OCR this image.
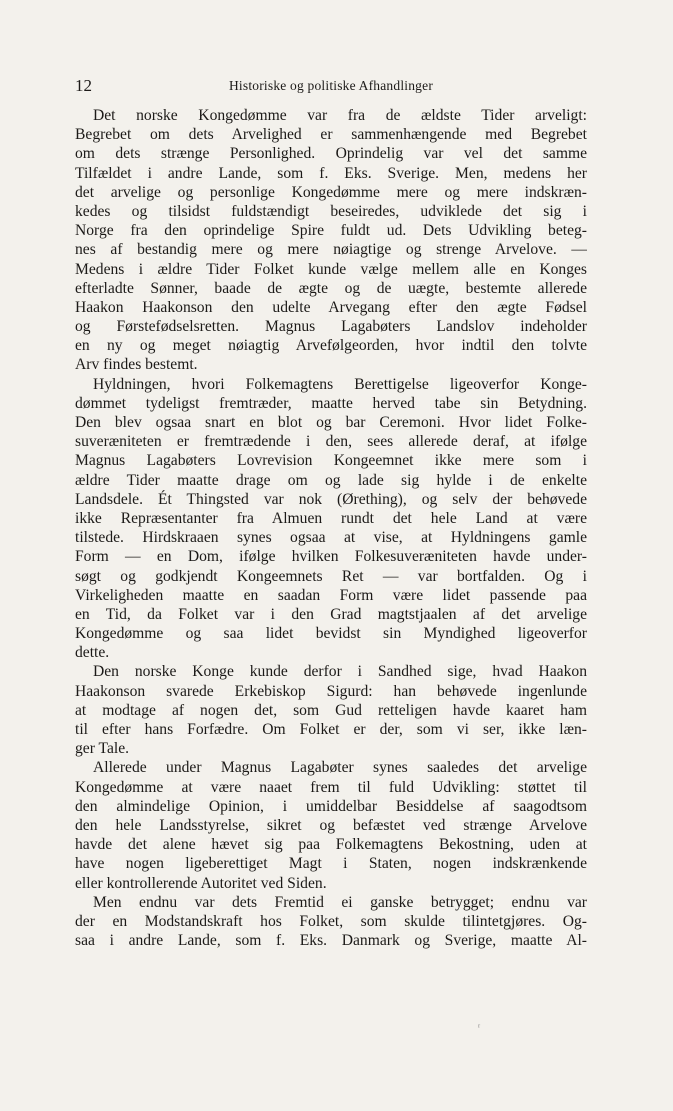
12	Historiske og politiske Afhandlinger
Det norske Kongedømme var fra de ældste Tider arveligt:
Begrebet om dets Arvelighed er sammenhængende med Begrebet
om dets strænge Personlighed. Oprindelig var vel det samme
Tilfældet i andre Lande, som f. Eks. Sverige. Men, medens her
det arvelige og personlige Kongedømme mere og mere indskræn-
kedes og tilsidst fuldstændigt beseiredes, udviklede det sig i
Norge fra den oprindelige Spire fuldt ud. Dets Udvikling beteg-
nes af bestandig mere og mere nøiagtige og strenge Arvelove. —
Medens i ældre Tider Folket kunde vælge mellem alle en Konges
efterladte Sønner, baade de ægte og de uægte, bestemte allerede
Haakon Haakonson den udelte Arvegang efter den ægte Fødsel
og Førstefødselsretten. Magnus Lagabøters Landslov indeholder
en ny og meget nøiagtig Arvefølgeorden, hvor indtil den tolvte
Arv findes bestemt.
Hyldningen, hvori Folkemagtens Berettigelse ligeoverfor Konge-
dømmet tydeligst fremtræder, maatte herved tabe sin Betydning.
Den blev ogsaa snart en blot og bar Ceremoni. Hvor lidet Folke-
suveræniteten er fremtrædende i den, sees allerede deraf, at ifølge
Magnus Lagabøters Lovrevision Kongeemnet ikke mere som i
ældre Tider maatte drage om og lade sig hylde i de enkelte
Landsdele. Ét Thingsted var nok (Ørething), og selv der behøvede
ikke Repræsentanter fra Almuen rundt det hele Land at være
tilstede. Hirdskraaen synes ogsaa at vise, at Hyldningens gamle
Form — en Dom, ifølge hvilken Folkesuveræniteten havde under-
søgt og godkjendt Kongeemnets Ret — var bortfalden. Og i
Virkeligheden maatte en saadan Form være lidet passende paa
en Tid, da Folket var i den Grad magtstjaalen af det arvelige
Kongedømme og saa lidet bevidst sin Myndighed ligeoverfor
dette.
Den norske Konge kunde derfor i Sandhed sige, hvad Haakon
Haakonson svarede Erkebiskop Sigurd: han behøvede ingenlunde
at modtage af nogen det, som Gud retteligen havde kaaret ham
til efter hans Forfædre. Om Folket er der, som vi ser, ikke læn-
ger Tale.
Allerede under Magnus Lagabøter synes saaledes det arvelige
Kongedømme at være naaet frem til fuld Udvikling: støttet til
den almindelige Opinion, i umiddelbar Besiddelse af saagodtsom
den hele Landsstyrelse, sikret og befæstet ved strænge Arvelove
havde det alene hævet sig paa Folkemagtens Bekostning, uden at
have nogen ligeberettiget Magt i Staten, nogen indskrænkende
eller kontrollerende Autoritet ved Siden.
Men endnu var dets Fremtid ei ganske betrygget; endnu var
der en Modstandskraft hos Folket, som skulde tilintetgjøres. Og-
saa i andre Lande, som f. Eks. Danmark og Sverige, maatte Al-
ʳ
